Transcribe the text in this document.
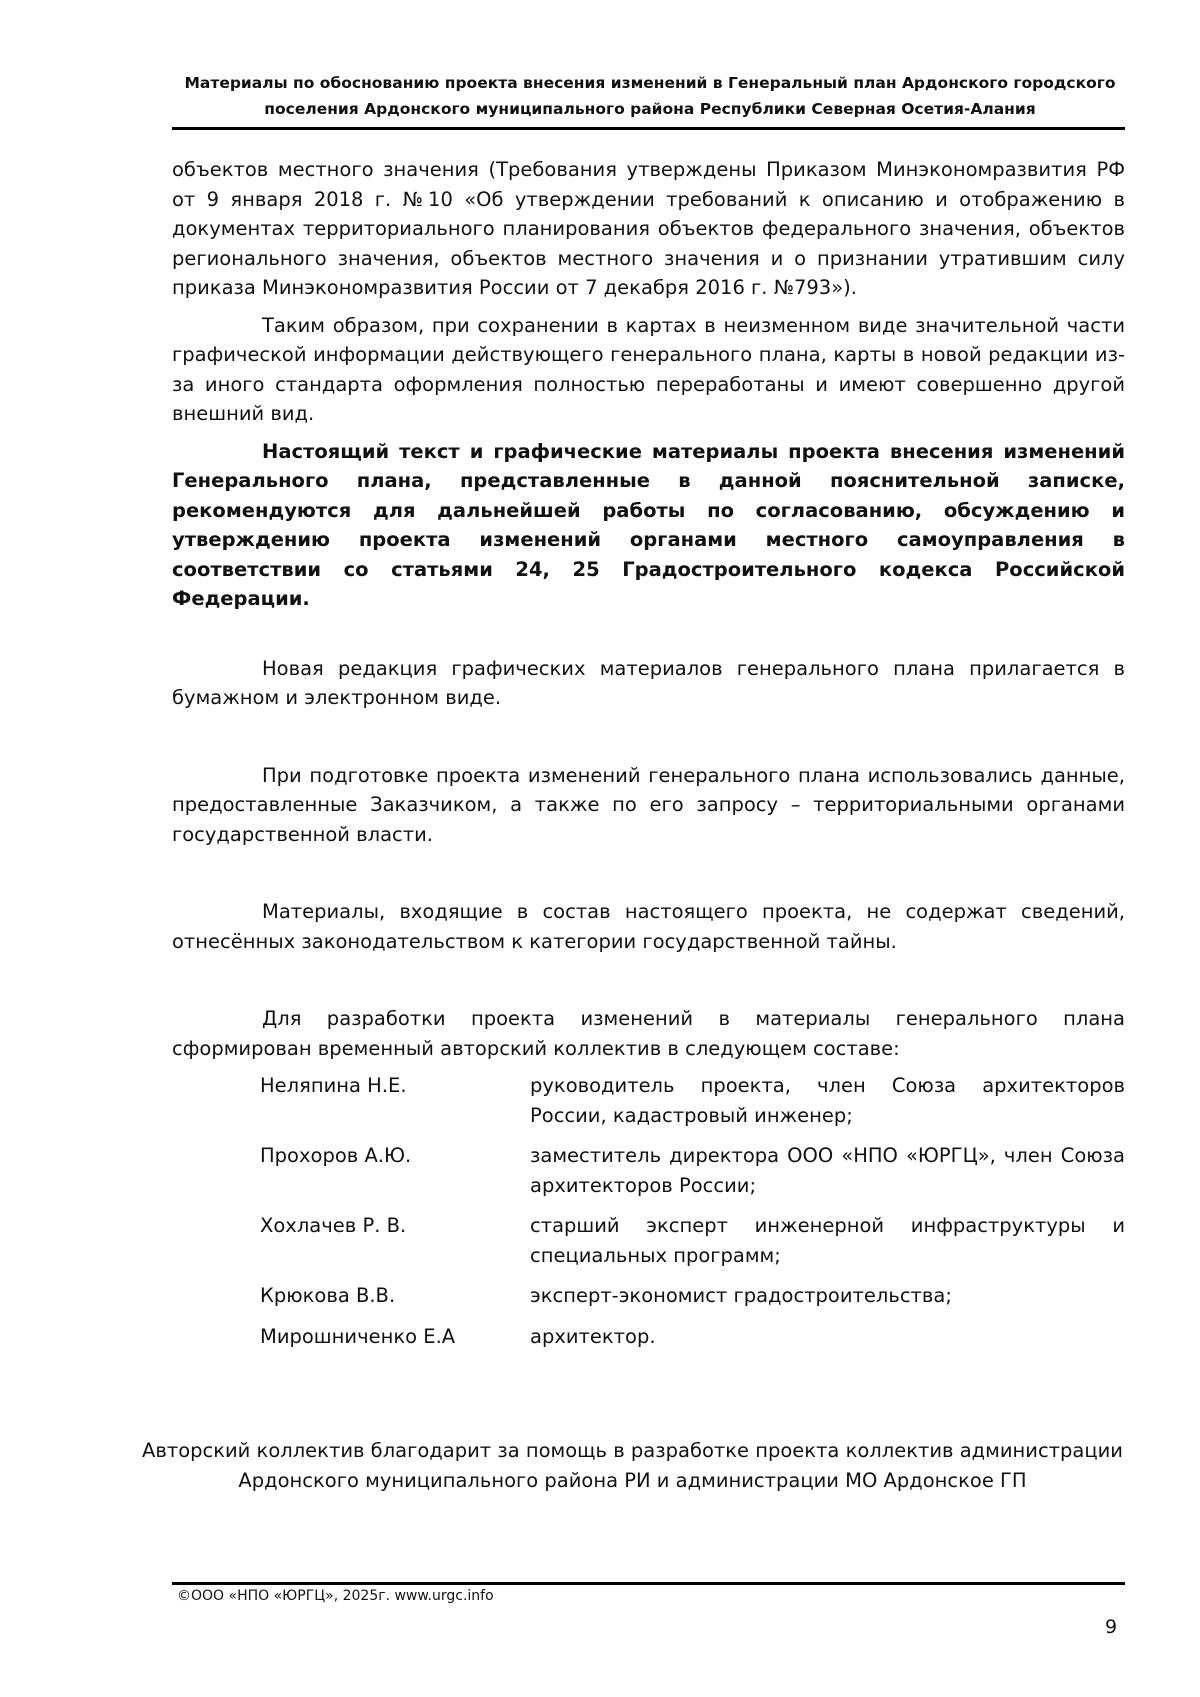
Материалы по обоснованию проекта внесения изменений в Генеральный план Ардонского городского
поселения Ардонского муниципального района Республики Северная Осетия-Алания

объектов местного значения (Требования утверждены Приказом Минэкономразвития РФ от 9 января 2018 г. №10 «Об утверждении требований к описанию и отображению в документах территориального планирования объектов федерального значения, объектов регионального значения, объектов местного значения и о признании утратившим силу приказа Минэкономразвития России от 7 декабря 2016 г. №793»).

Таким образом, при сохранении в картах в неизменном виде значительной части графической информации действующего генерального плана, карты в новой редакции из-за иного стандарта оформления полностью переработаны и имеют совершенно другой внешний вид.

Настоящий текст и графические материалы проекта внесения изменений Генерального плана, представленные в данной пояснительной записке, рекомендуются для дальнейшей работы по согласованию, обсуждению и утверждению проекта изменений органами местного самоуправления в соответствии со статьями 24, 25 Градостроительного кодекса Российской Федерации.

Новая редакция графических материалов генерального плана прилагается в бумажном и электронном виде.

При подготовке проекта изменений генерального плана использовались данные, предоставленные Заказчиком, а также по его запросу – территориальными органами государственной власти.

Материалы, входящие в состав настоящего проекта, не содержат сведений, отнесённых законодательством к категории государственной тайны.

Для разработки проекта изменений в материалы генерального плана сформирован временный авторский коллектив в следующем составе:

Неляпина Н.Е.	руководитель проекта, член Союза архитекторов России, кадастровый инженер;
Прохоров А.Ю.	заместитель директора ООО «НПО «ЮРГЦ», член Союза архитекторов России;
Хохлачев Р. В.	старший эксперт инженерной инфраструктуры и специальных программ;
Крюкова В.В.	эксперт-экономист градостроительства;
Мирошниченко Е.А	архитектор.
Авторский коллектив благодарит за помощь в разработке проекта коллектив администрации
Ардонского муниципального района РИ и администрации МО Ардонское ГП
©ООО «НПО «ЮРГЦ», 2025г. www.urgc.info
9
